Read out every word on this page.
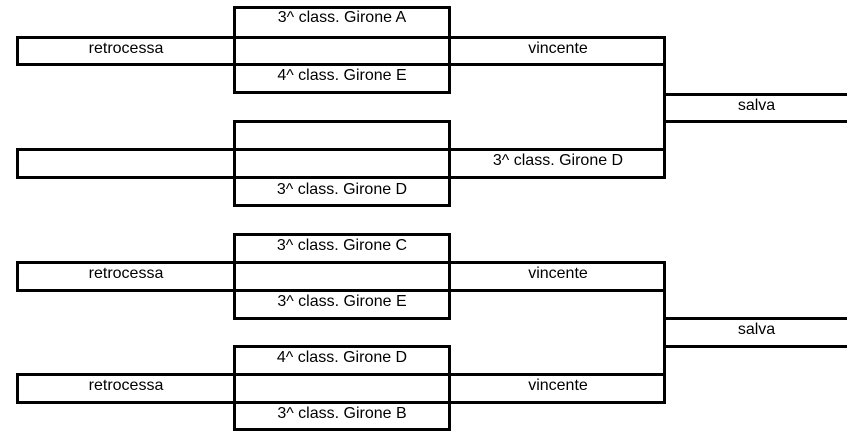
3^ class. Girone A
retrocessa
4^ class. Girone E
vincente
3^ class. Girone D
3^ class. Girone D
salva
3^ class. Girone C
retrocessa
3^ class. Girone E
vincente
4^ class. Girone D
retrocessa
3^ class. Girone B
vincente
salva
